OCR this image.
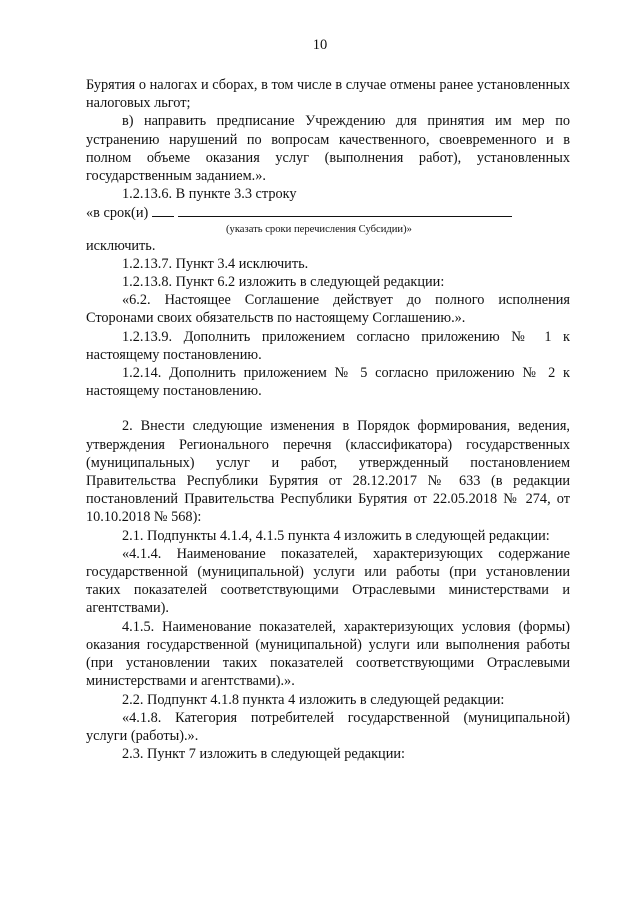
10

Бурятия о налогах и сборах, в том числе в случае отмены ранее установленных налоговых льгот;

в) направить предписание Учреждению для принятия им мер по устранению нарушений по вопросам качественного, своевременного и в полном объеме оказания услуг (выполнения работ), установленных государственным заданием.».

1.2.13.6. В пункте 3.3 строку

«в срок(и)

(указать сроки перечисления Субсидии)»

исключить.

1.2.13.7. Пункт 3.4 исключить.

1.2.13.8. Пункт 6.2 изложить в следующей редакции:

«6.2. Настоящее Соглашение действует до полного исполнения Сторонами своих обязательств по настоящему Соглашению.».

1.2.13.9. Дополнить приложением согласно приложению № 1 к настоящему постановлению.

1.2.14. Дополнить приложением № 5 согласно приложению № 2 к настоящему постановлению.

2. Внести следующие изменения в Порядок формирования, ведения, утверждения Регионального перечня (классификатора) государственных (муниципальных) услуг и работ, утвержденный постановлением Правительства Республики Бурятия от 28.12.2017 № 633 (в редакции постановлений Правительства Республики Бурятия от 22.05.2018 № 274, от 10.10.2018 № 568):

2.1. Подпункты 4.1.4, 4.1.5 пункта 4 изложить в следующей редакции:

«4.1.4. Наименование показателей, характеризующих содержание государственной (муниципальной) услуги или работы (при установлении таких показателей соответствующими Отраслевыми министерствами и агентствами).

4.1.5. Наименование показателей, характеризующих условия (формы) оказания государственной (муниципальной) услуги или выполнения работы (при установлении таких показателей соответствующими Отраслевыми министерствами и агентствами).».

2.2. Подпункт 4.1.8 пункта 4 изложить в следующей редакции:

«4.1.8. Категория потребителей государственной (муниципальной) услуги (работы).».

2.3. Пункт 7 изложить в следующей редакции:
